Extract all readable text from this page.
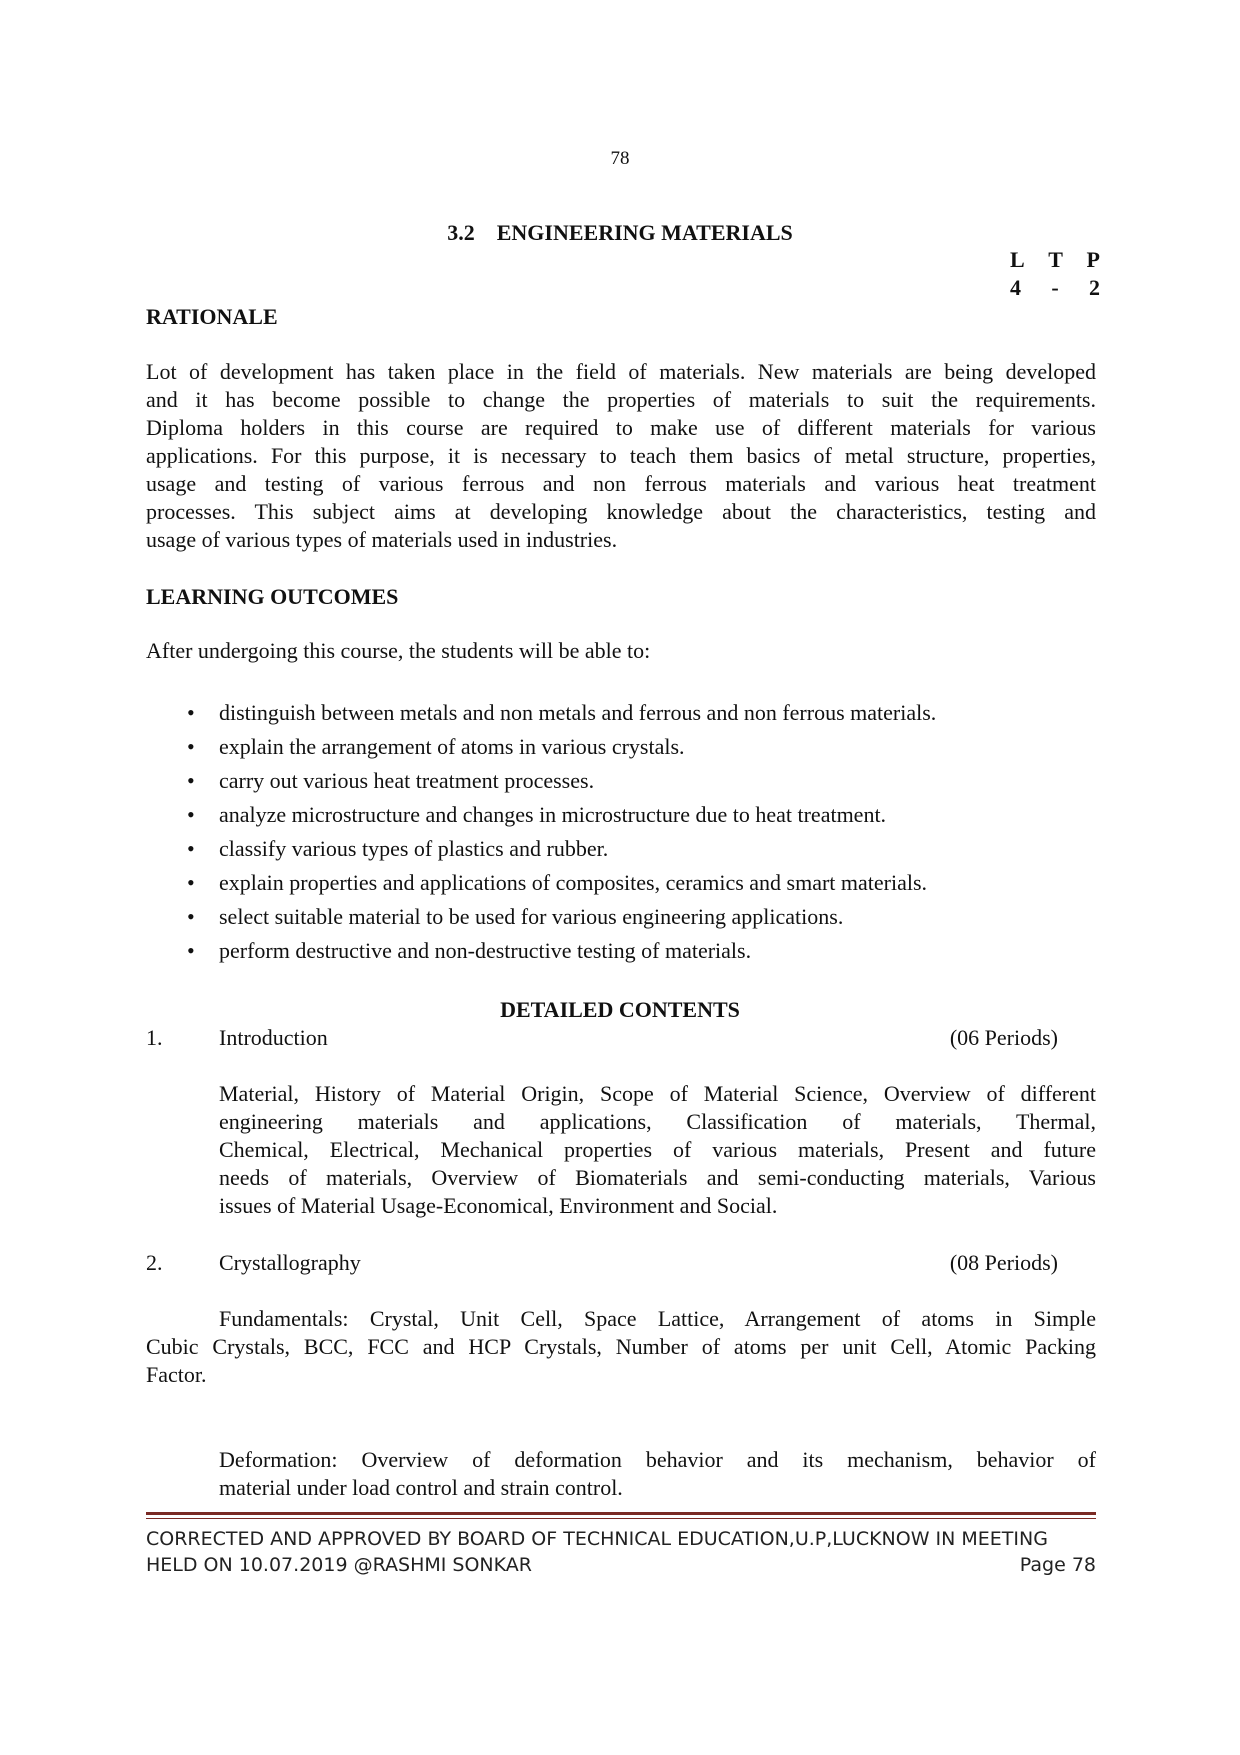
78
3.2 ENGINEERING MATERIALS
L T P
4 - 2
RATIONALE
Lot of development has taken place in the field of materials. New materials are being developed
and it has become possible to change the properties of materials to suit the requirements.
Diploma holders in this course are required to make use of different materials for various
applications. For this purpose, it is necessary to teach them basics of metal structure, properties,
usage and testing of various ferrous and non ferrous materials and various heat treatment
processes. This subject aims at developing knowledge about the characteristics, testing and
usage of various types of materials used in industries.
LEARNING OUTCOMES
After undergoing this course, the students will be able to:
• distinguish between metals and non metals and ferrous and non ferrous materials.
• explain the arrangement of atoms in various crystals.
• carry out various heat treatment processes.
• analyze microstructure and changes in microstructure due to heat treatment.
• classify various types of plastics and rubber.
• explain properties and applications of composites, ceramics and smart materials.
• select suitable material to be used for various engineering applications.
• perform destructive and non-destructive testing of materials.
DETAILED CONTENTS
1.	Introduction	(06 Periods)
Material, History of Material Origin, Scope of Material Science, Overview of different
engineering materials and applications, Classification of materials, Thermal,
Chemical, Electrical, Mechanical properties of various materials, Present and future
needs of materials, Overview of Biomaterials and semi-conducting materials, Various
issues of Material Usage-Economical, Environment and Social.
2.	Crystallography	(08 Periods)
Fundamentals: Crystal, Unit Cell, Space Lattice, Arrangement of atoms in Simple
Cubic Crystals, BCC, FCC and HCP Crystals, Number of atoms per unit Cell, Atomic Packing
Factor.
Deformation: Overview of deformation behavior and its mechanism, behavior of
material under load control and strain control.
CORRECTED AND APPROVED BY BOARD OF TECHNICAL EDUCATION,U.P,LUCKNOW IN MEETING
HELD ON 10.07.2019 @RASHMI SONKAR	Page 78
